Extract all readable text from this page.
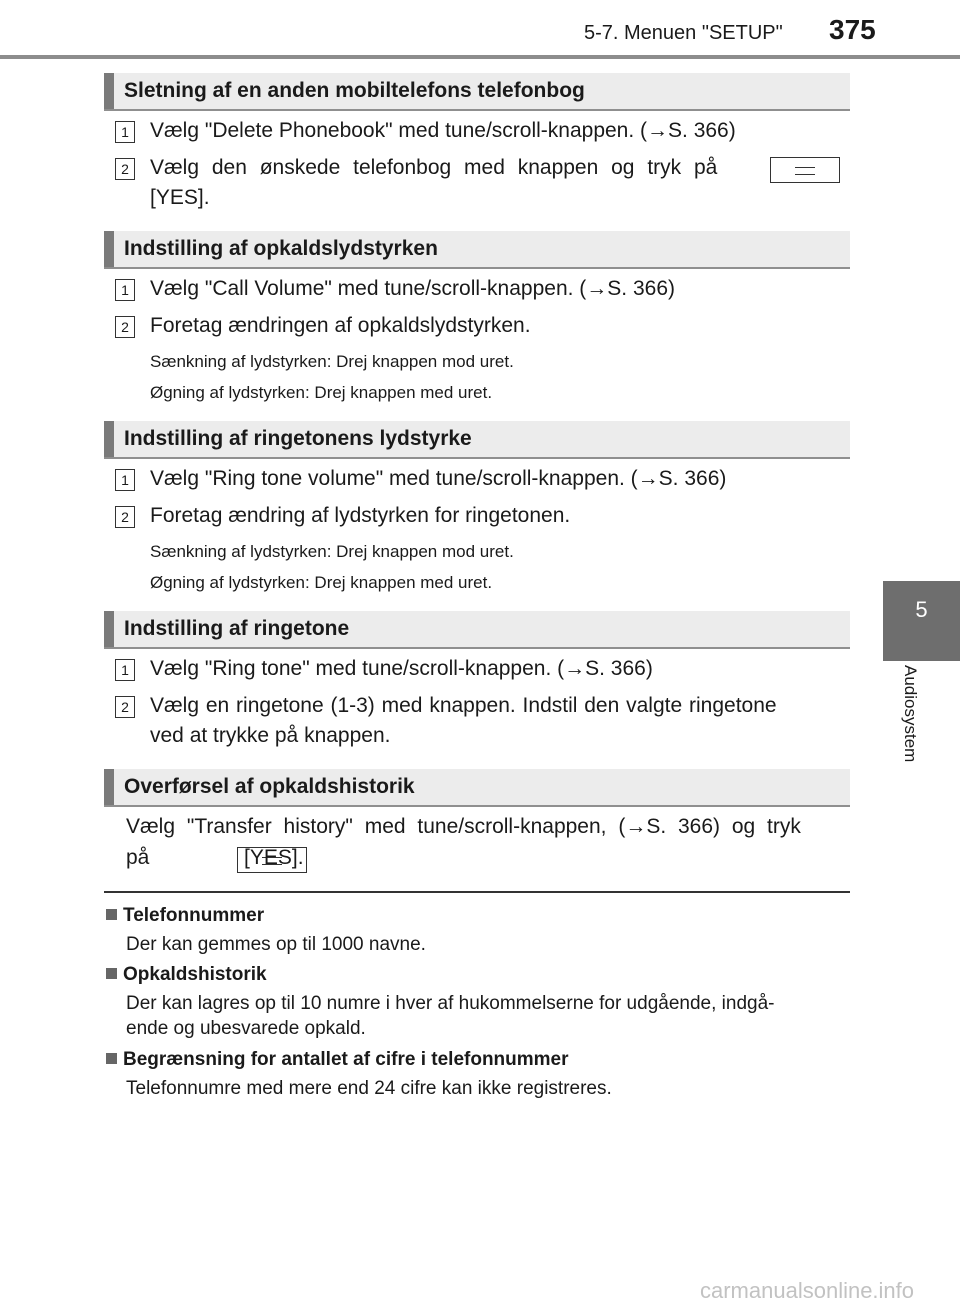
5-7. Menuen "SETUP" 375
5
Audiosystem
Sletning af en anden mobiltelefons telefonbog
1 Vælg "Delete Phonebook" med tune/scroll-knappen. (→S. 366)
2 Vælg den ønskede telefonbog med knappen og tryk på

[YES].
Indstilling af opkaldslydstyrken
1 Vælg "Call Volume" med tune/scroll-knappen. (→S. 366)
2 Foretag ændringen af opkaldslydstyrken.
Sænkning af lydstyrken: Drej knappen mod uret.
Øgning af lydstyrken: Drej knappen med uret.
Indstilling af ringetonens lydstyrke
1 Vælg "Ring tone volume" med tune/scroll-knappen. (→S. 366)
2 Foretag ændring af lydstyrken for ringetonen.
Sænkning af lydstyrken: Drej knappen mod uret.
Øgning af lydstyrken: Drej knappen med uret.
Indstilling af ringetone
1 Vælg "Ring tone" med tune/scroll-knappen. (→S. 366)
2 Vælg en ringetone (1-3) med knappen. Indstil den valgte ringetone
ved at trykke på knappen.
Overførsel af opkaldshistorik
Vælg "Transfer history" med tune/scroll-knappen, (→S. 366) og tryk
på	[YES].
Telefonnummer
Der kan gemmes op til 1000 navne.
Opkaldshistorik
Der kan lagres op til 10 numre i hver af hukommelserne for udgående, indgå-
ende og ubesvarede opkald.
Begrænsning for antallet af cifre i telefonnummer
Telefonnumre med mere end 24 cifre kan ikke registreres.
carmanualsonline.info
